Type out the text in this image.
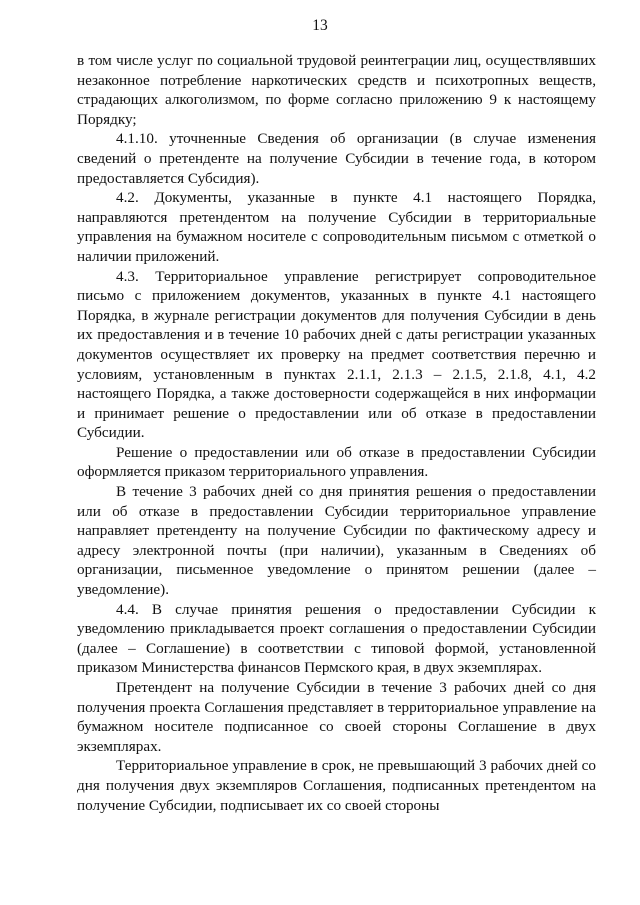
13

в том числе услуг по социальной трудовой реинтеграции лиц, осуществлявших незаконное потребление наркотических средств и психотропных веществ, страдающих алкоголизмом, по форме согласно приложению 9 к настоящему Порядку;

4.1.10. уточненные Сведения об организации (в случае изменения сведений о претенденте на получение Субсидии в течение года, в котором предоставляется Субсидия).

4.2. Документы, указанные в пункте 4.1 настоящего Порядка, направляются претендентом на получение Субсидии в территориальные управления на бумажном носителе с сопроводительным письмом с отметкой о наличии приложений.

4.3. Территориальное управление регистрирует сопроводительное письмо с приложением документов, указанных в пункте 4.1 настоящего Порядка, в журнале регистрации документов для получения Субсидии в день их предоставления и в течение 10 рабочих дней с даты регистрации указанных документов осуществляет их проверку на предмет соответствия перечню и условиям, установленным в пунктах 2.1.1, 2.1.3 – 2.1.5, 2.1.8, 4.1, 4.2 настоящего Порядка, а также достоверности содержащейся в них информации и принимает решение о предоставлении или об отказе в предоставлении Субсидии.

Решение о предоставлении или об отказе в предоставлении Субсидии оформляется приказом территориального управления.

В течение 3 рабочих дней со дня принятия решения о предоставлении или об отказе в предоставлении Субсидии территориальное управление направляет претенденту на получение Субсидии по фактическому адресу и адресу электронной почты (при наличии), указанным в Сведениях об организации, письменное уведомление о принятом решении (далее – уведомление).

4.4. В случае принятия решения о предоставлении Субсидии к уведомлению прикладывается проект соглашения о предоставлении Субсидии (далее – Соглашение) в соответствии с типовой формой, установленной приказом Министерства финансов Пермского края, в двух экземплярах.

Претендент на получение Субсидии в течение 3 рабочих дней со дня получения проекта Соглашения представляет в территориальное управление на бумажном носителе подписанное со своей стороны Соглашение в двух экземплярах.

Территориальное управление в срок, не превышающий 3 рабочих дней со дня получения двух экземпляров Соглашения, подписанных претендентом на получение Субсидии, подписывает их со своей стороны
